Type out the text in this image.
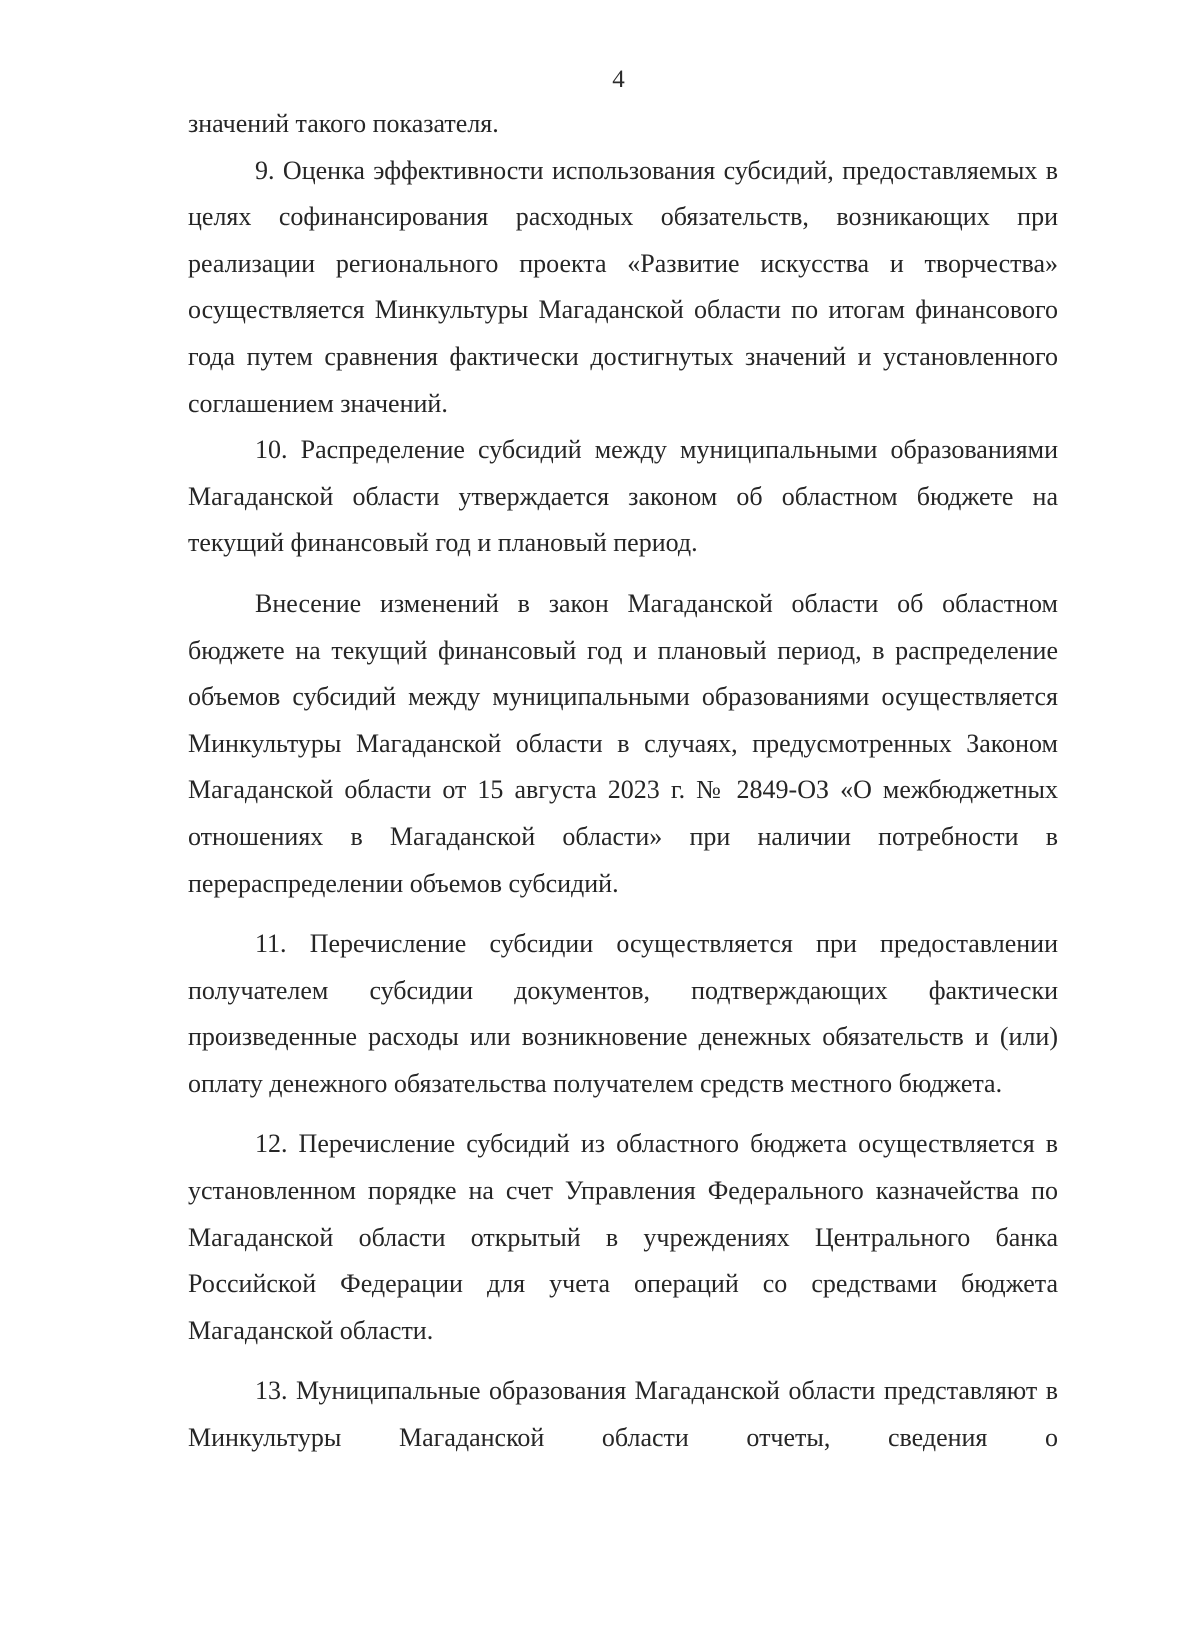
4

значений такого показателя.

9. Оценка эффективности использования субсидий, предоставляемых в целях софинансирования расходных обязательств, возникающих при реализации регионального проекта «Развитие искусства и творчества» осуществляется Минкультуры Магаданской области по итогам финансового года путем сравнения фактически достигнутых значений и установленного соглашением значений.

10. Распределение субсидий между муниципальными образованиями Магаданской области утверждается законом об областном бюджете на текущий финансовый год и плановый период.

Внесение изменений в закон Магаданской области об областном бюджете на текущий финансовый год и плановый период, в распределение объемов субсидий между муниципальными образованиями осуществляется Минкультуры Магаданской области в случаях, предусмотренных Законом Магаданской области от 15 августа 2023 г. № 2849-ОЗ «О межбюджетных отношениях в Магаданской области» при наличии потребности в перераспределении объемов субсидий.

11. Перечисление субсидии осуществляется при предоставлении получателем субсидии документов, подтверждающих фактически произведенные расходы или возникновение денежных обязательств и (или) оплату денежного обязательства получателем средств местного бюджета.

12. Перечисление субсидий из областного бюджета осуществляется в установленном порядке на счет Управления Федерального казначейства по Магаданской области открытый в учреждениях Центрального банка Российской Федерации для учета операций со средствами бюджета Магаданской области.

13. Муниципальные образования Магаданской области представляют в Минкультуры Магаданской области отчеты, сведения о
